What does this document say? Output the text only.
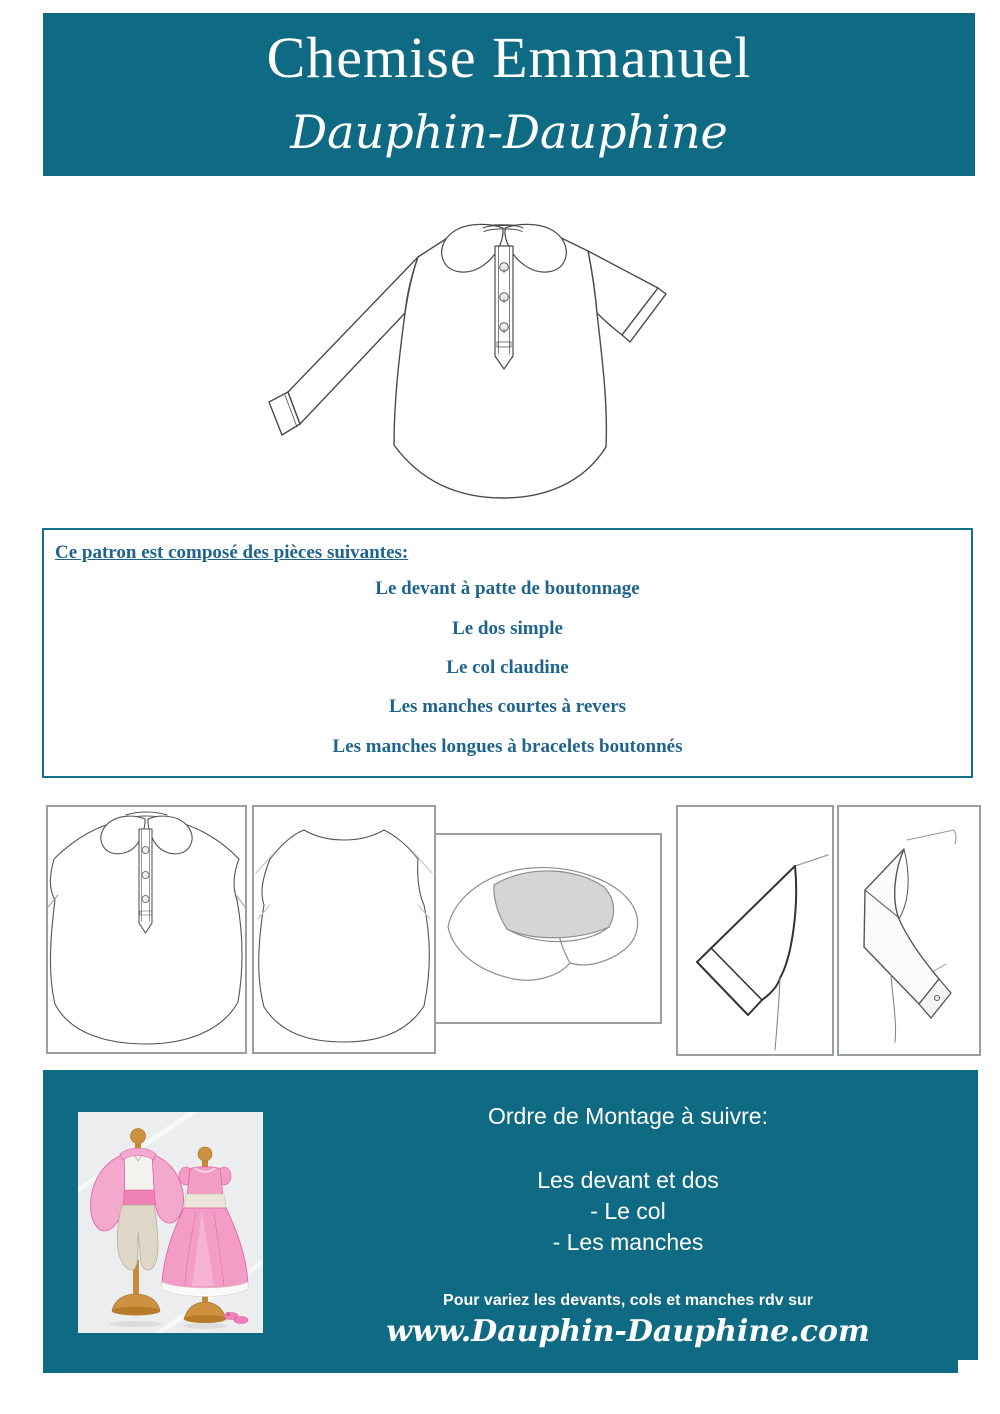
Chemise Emmanuel
Dauphin-Dauphine
Ce patron est composé des pièces suivantes:
Le devant à patte de boutonnage
Le dos simple
Le col claudine
Les manches courtes à revers
Les manches longues à bracelets boutonnés
Ordre de Montage à suivre:
Les devant et dos
- Le col
- Les manches
Pour variez les devants, cols et manches rdv sur
www.Dauphin-Dauphine.com
